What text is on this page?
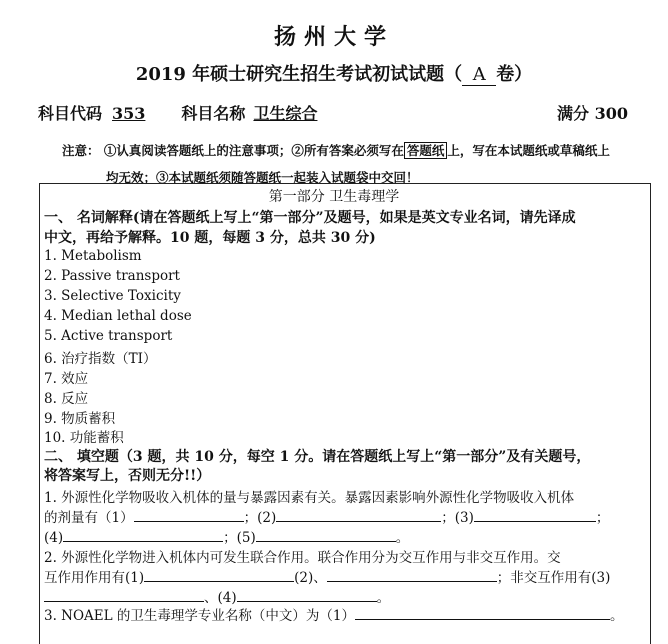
扬州大学
2019 年硕士研究生招生考试初试试题（ A 卷）
科目代码 353 科目名称 卫生综合	满分 300
注意： ①认真阅读答题纸上的注意事项；②所有答案必须写在 答题纸 上，写在本试题纸或草稿纸上
均无效；③本试题纸须随答题纸一起装入试题袋中交回！
第一部分 卫生毒理学
一、 名词解释(请在答题纸上写上“第一部分”及题号，如果是英文专业名词，请先译成
中文，再给予解释。10 题，每题 3 分，总共 30 分)
1. Metabolism
2. Passive transport
3. Selective Toxicity
4. Median lethal dose
5. Active transport
6. 治疗指数（TI）
7. 效应
8. 反应
9. 物质蓄积
10. 功能蓄积
二、 填空题（3 题，共 10 分，每空 1 分。请在答题纸上写上“第一部分”及有关题号，
将答案写上，否则无分!!）
1. 外源性化学物吸收入机体的量与暴露因素有关。暴露因素影响外源性化学物吸收入机体
的剂量有（1）	；(2)	；(3)	；
(4)	；(5)	。
2. 外源性化学物进入机体内可发生联合作用。联合作用分为交互作用与非交互作用。交
互作用作用有(1)	(2)、	；非交互作用有(3)
、(4)	。
3. NOAEL 的卫生毒理学专业名称（中文）为（1）	。
